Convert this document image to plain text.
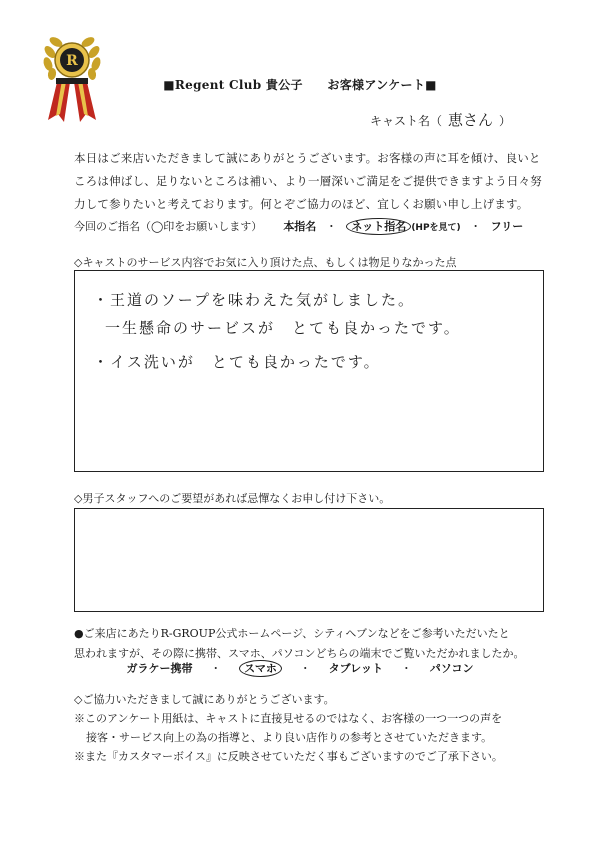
R
■Regent Club 貴公子　　お客様アンケート■
キャスト名（ 恵さん ）
本日はご来店いただきまして誠にありがとうございます。お客様の声に耳を傾け、良いと
ころは伸ばし、足りないところは補い、より一層深いご満足をご提供できますよう日々努
力して参りたいと考えております。何とぞご協力のほど、宜しくお願い申し上げます。
今回のご指名（◯印をお願いします） 本指名 ・ ネット指名 (HPを見て) ・ フリー
◇キャストのサービス内容でお気に入り頂けた点、もしくは物足りなかった点
・王道のソープを味わえた気がしました。
一生懸命のサービスが　とても良かったです。
・イス洗いが　とても良かったです。
◇男子スタッフへのご要望があれば忌憚なくお申し付け下さい。
●ご来店にあたりR-GROUP公式ホームページ、シティヘブンなどをご参考いただいたと
思われますが、その際に携帯、スマホ、パソコンどちらの端末でご覧いただかれましたか。
ガラケー携帯 ・ スマホ ・ タブレット ・ パソコン
◇ご協力いただきまして誠にありがとうございます。
※このアンケート用紙は、キャストに直接見せるのではなく、お客様の一つ一つの声を
接客・サービス向上の為の指導と、より良い店作りの参考とさせていただきます。
※また『カスタマーボイス』に反映させていただく事もございますのでご了承下さい。
